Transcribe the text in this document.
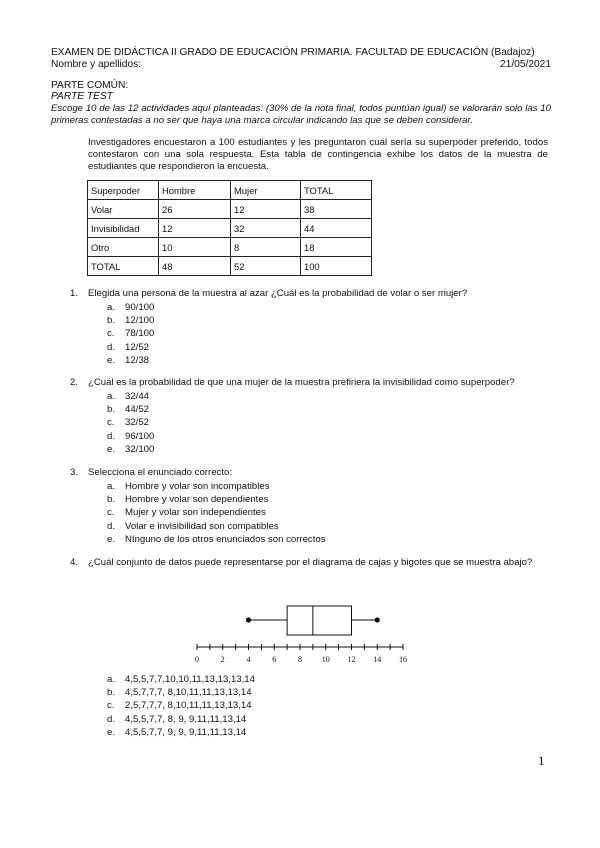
EXAMEN DE DIDÁCTICA II GRADO DE EDUCACIÓN PRIMARIA. FACULTAD DE EDUCACIÓN (Badajoz)
Nombre y apellidos:	21/05/2021
PARTE COMÚN:
PARTE TEST
Escoge 10 de las 12 actividades aquí planteadas: (30% de la nota final, todos puntúan igual) se valorarán solo las 10 primeras contestadas a no ser que haya una marca circular indicando las que se deben considerar.
Investigadores encuestaron a 100 estudiantes y les preguntaron cuál sería su superpoder preferido, todos contestaron con una sola respuesta. Esta tabla de contingencia exhibe los datos de la muestra de estudiantes que respondieron la encuesta.
Superpoder	Hombre	Mujer	TOTAL
Volar	26	12	38
Invisibilidad	12	32	44
Otro	10	8	18
TOTAL	48	52	100
1. Elegida una persona de la muestra al azar ¿Cuál es la probabilidad de volar o ser mujer?
a. 90/100
b. 12/100
c. 78/100
d. 12/52
e. 12/38
2. ¿Cuál es la probabilidad de que una mujer de la muestra prefiriera la invisibilidad como superpoder?
a. 32/44
b. 44/52
c. 32/52
d. 96/100
e. 32/100
3. Selecciona el enunciado correcto:
a. Hombre y volar son incompatibles
b. Hombre y volar son dependientes
c. Mujer y volar son independientes
d. Volar e invisibilidad son compatibles
e. NInguno de los otros enunciados son correctos
4. ¿Cuál conjunto de datos puede representarse por el diagrama de cajas y bigotes que se muestra abajo?
0	2	4	6	8 10 12 14 16
a. 4,5,5,7,7,10,10,11,13,13,13,14
b. 4,5,7,7,7, 8,10,11,11,13,13,14
c. 2,5,7,7,7, 8,10,11,11,13,13,14
d. 4,5,5,7,7, 8, 9, 9,11,11,13,14
e. 4,5,5,7,7, 9, 9, 9,11,11,13,14
1
